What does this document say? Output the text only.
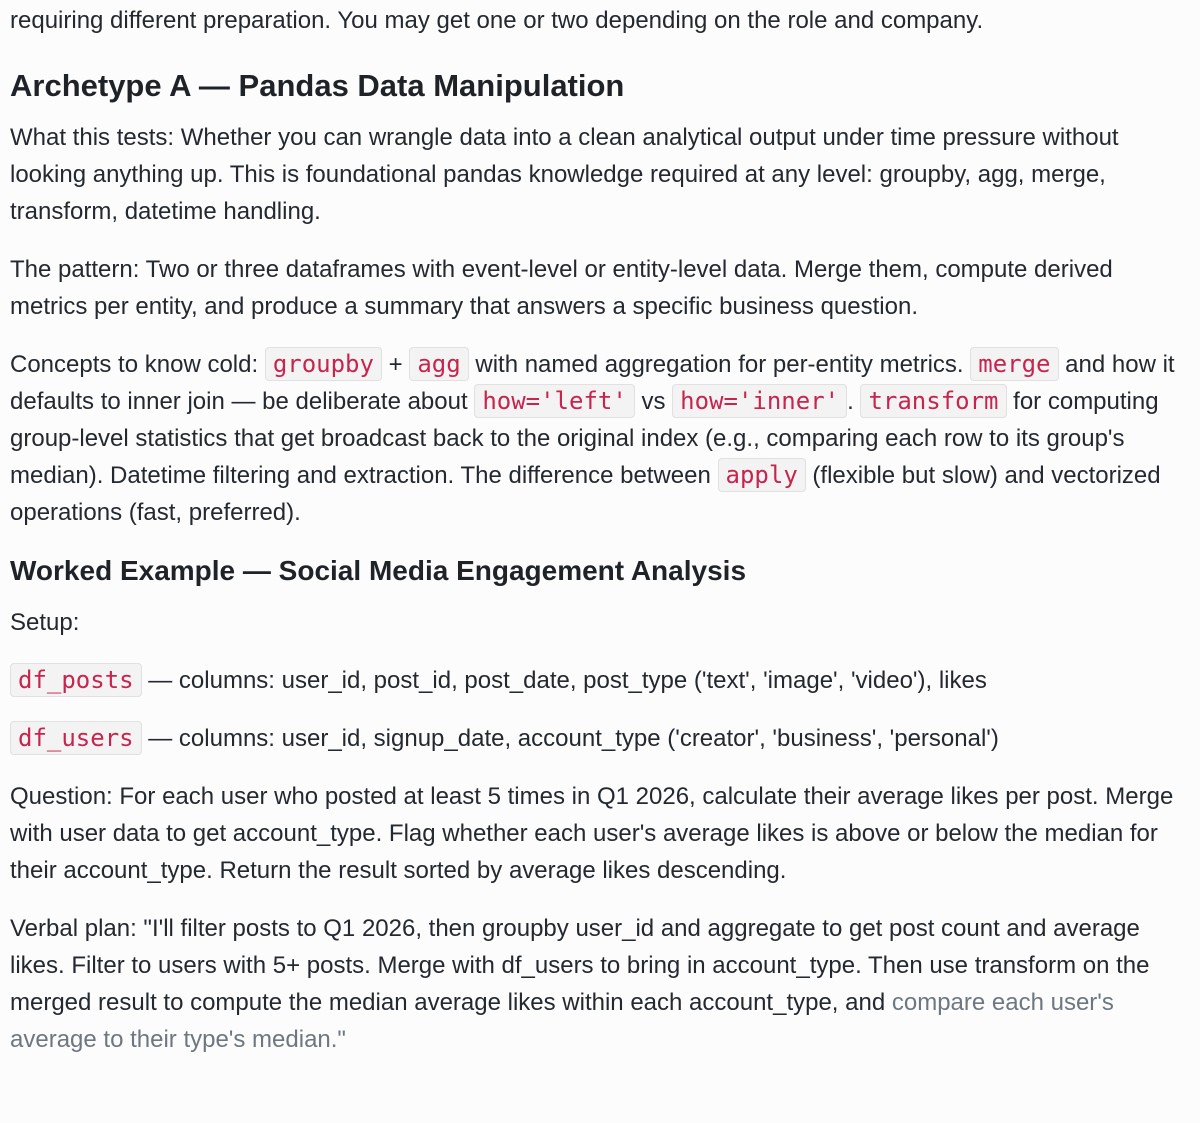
requiring different preparation. You may get one or two depending on the role and company.

Archetype A — Pandas Data Manipulation

What this tests: Whether you can wrangle data into a clean analytical output under time pressure without looking anything up. This is foundational pandas knowledge required at any level: groupby, agg, merge, transform, datetime handling.

The pattern: Two or three dataframes with event-level or entity-level data. Merge them, compute derived metrics per entity, and produce a summary that answers a specific business question.

Concepts to know cold: groupby + agg with named aggregation for per-entity metrics. merge and how it defaults to inner join — be deliberate about how='left' vs how='inner' . transform for computing group-level statistics that get broadcast back to the original index (e.g., comparing each row to its group's median). Datetime filtering and extraction. The difference between apply (flexible but slow) and vectorized operations (fast, preferred).

Worked Example — Social Media Engagement Analysis

Setup:

df_posts — columns: user_id, post_id, post_date, post_type ('text', 'image', 'video'), likes

df_users — columns: user_id, signup_date, account_type ('creator', 'business', 'personal')

Question: For each user who posted at least 5 times in Q1 2026, calculate their average likes per post. Merge with user data to get account_type. Flag whether each user's average likes is above or below the median for their account_type. Return the result sorted by average likes descending.

Verbal plan: "I'll filter posts to Q1 2026, then groupby user_id and aggregate to get post count and average likes. Filter to users with 5+ posts. Merge with df_users to bring in account_type. Then use transform on the merged result to compute the median average likes within each account_type, and compare each user's average to their type's median."
